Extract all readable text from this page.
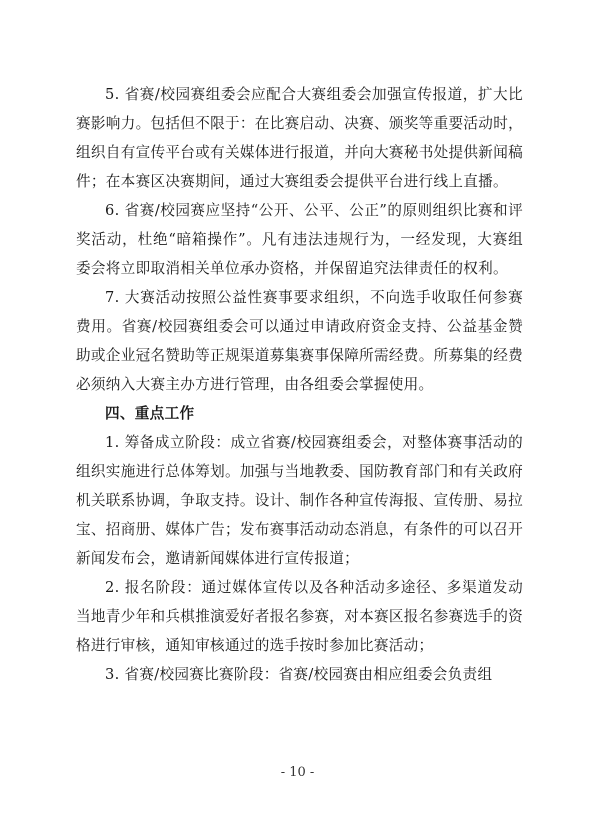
5. 省赛/校园赛组委会应配合大赛组委会加强宣传报道，扩大比赛影响力。包括但不限于：在比赛启动、决赛、颁奖等重要活动时，组织自有宣传平台或有关媒体进行报道，并向大赛秘书处提供新闻稿件；在本赛区决赛期间，通过大赛组委会提供平台进行线上直播。

6. 省赛/校园赛应坚持“公开、公平、公正”的原则组织比赛和评奖活动，杜绝“暗箱操作”。凡有违法违规行为，一经发现，大赛组委会将立即取消相关单位承办资格，并保留追究法律责任的权利。

7. 大赛活动按照公益性赛事要求组织，不向选手收取任何参赛费用。省赛/校园赛组委会可以通过申请政府资金支持、公益基金赞助或企业冠名赞助等正规渠道募集赛事保障所需经费。所募集的经费必须纳入大赛主办方进行管理，由各组委会掌握使用。

四、重点工作

1. 筹备成立阶段：成立省赛/校园赛组委会，对整体赛事活动的组织实施进行总体筹划。加强与当地教委、国防教育部门和有关政府机关联系协调，争取支持。设计、制作各种宣传海报、宣传册、易拉宝、招商册、媒体广告；发布赛事活动动态消息，有条件的可以召开新闻发布会，邀请新闻媒体进行宣传报道；

2. 报名阶段：通过媒体宣传以及各种活动多途径、多渠道发动当地青少年和兵棋推演爱好者报名参赛，对本赛区报名参赛选手的资格进行审核，通知审核通过的选手按时参加比赛活动；

3. 省赛/校园赛比赛阶段：省赛/校园赛由相应组委会负责组

- 10 -
